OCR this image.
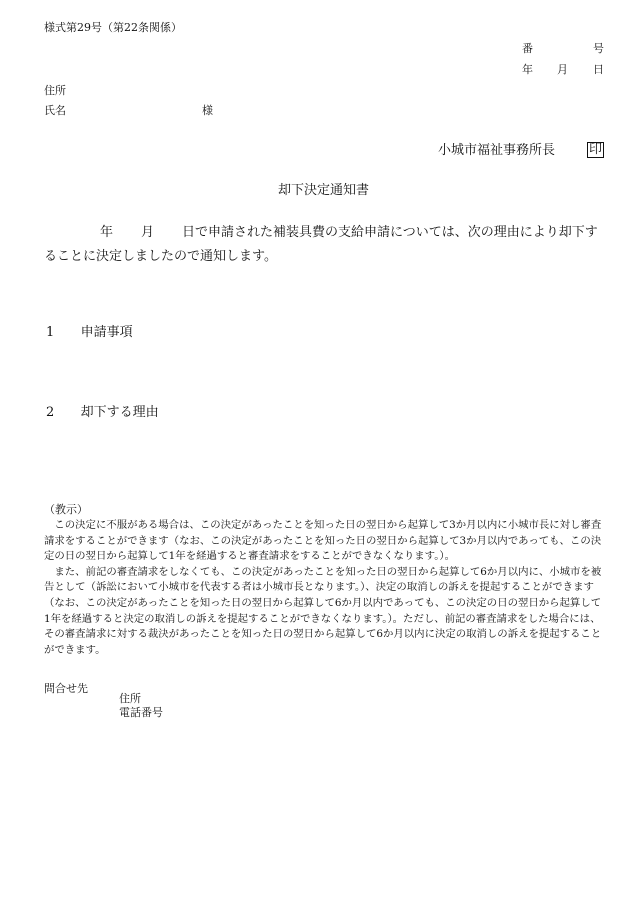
様式第29号（第22条関係）
番	号
年 月 日
住所
氏名	様
小城市福祉事務所長	印
却下決定通知書
年 月 日で申請された補装具費の支給申請については、次の理由により却下することに決定しましたので通知します。
1 申請事項
2 却下する理由
（教示）

この決定に不服がある場合は、この決定があったことを知った日の翌日から起算して3か月以内に小城市長に対し審査請求をすることができます（なお、この決定があったことを知った日の翌日から起算して3か月以内であっても、この決定の日の翌日から起算して1年を経過すると審査請求をすることができなくなります。）。

また、前記の審査請求をしなくても、この決定があったことを知った日の翌日から起算して6か月以内に、小城市を被告として（訴訟において小城市を代表する者は小城市長となります。）、決定の取消しの訴えを提起することができます（なお、この決定があったことを知った日の翌日から起算して6か月以内であっても、この決定の日の翌日から起算して1年を経過すると決定の取消しの訴えを提起することができなくなります。）。ただし、前記の審査請求をした場合には、その審査請求に対する裁決があったことを知った日の翌日から起算して6か月以内に決定の取消しの訴えを提起することができます。

問合せ先
住所
電話番号
